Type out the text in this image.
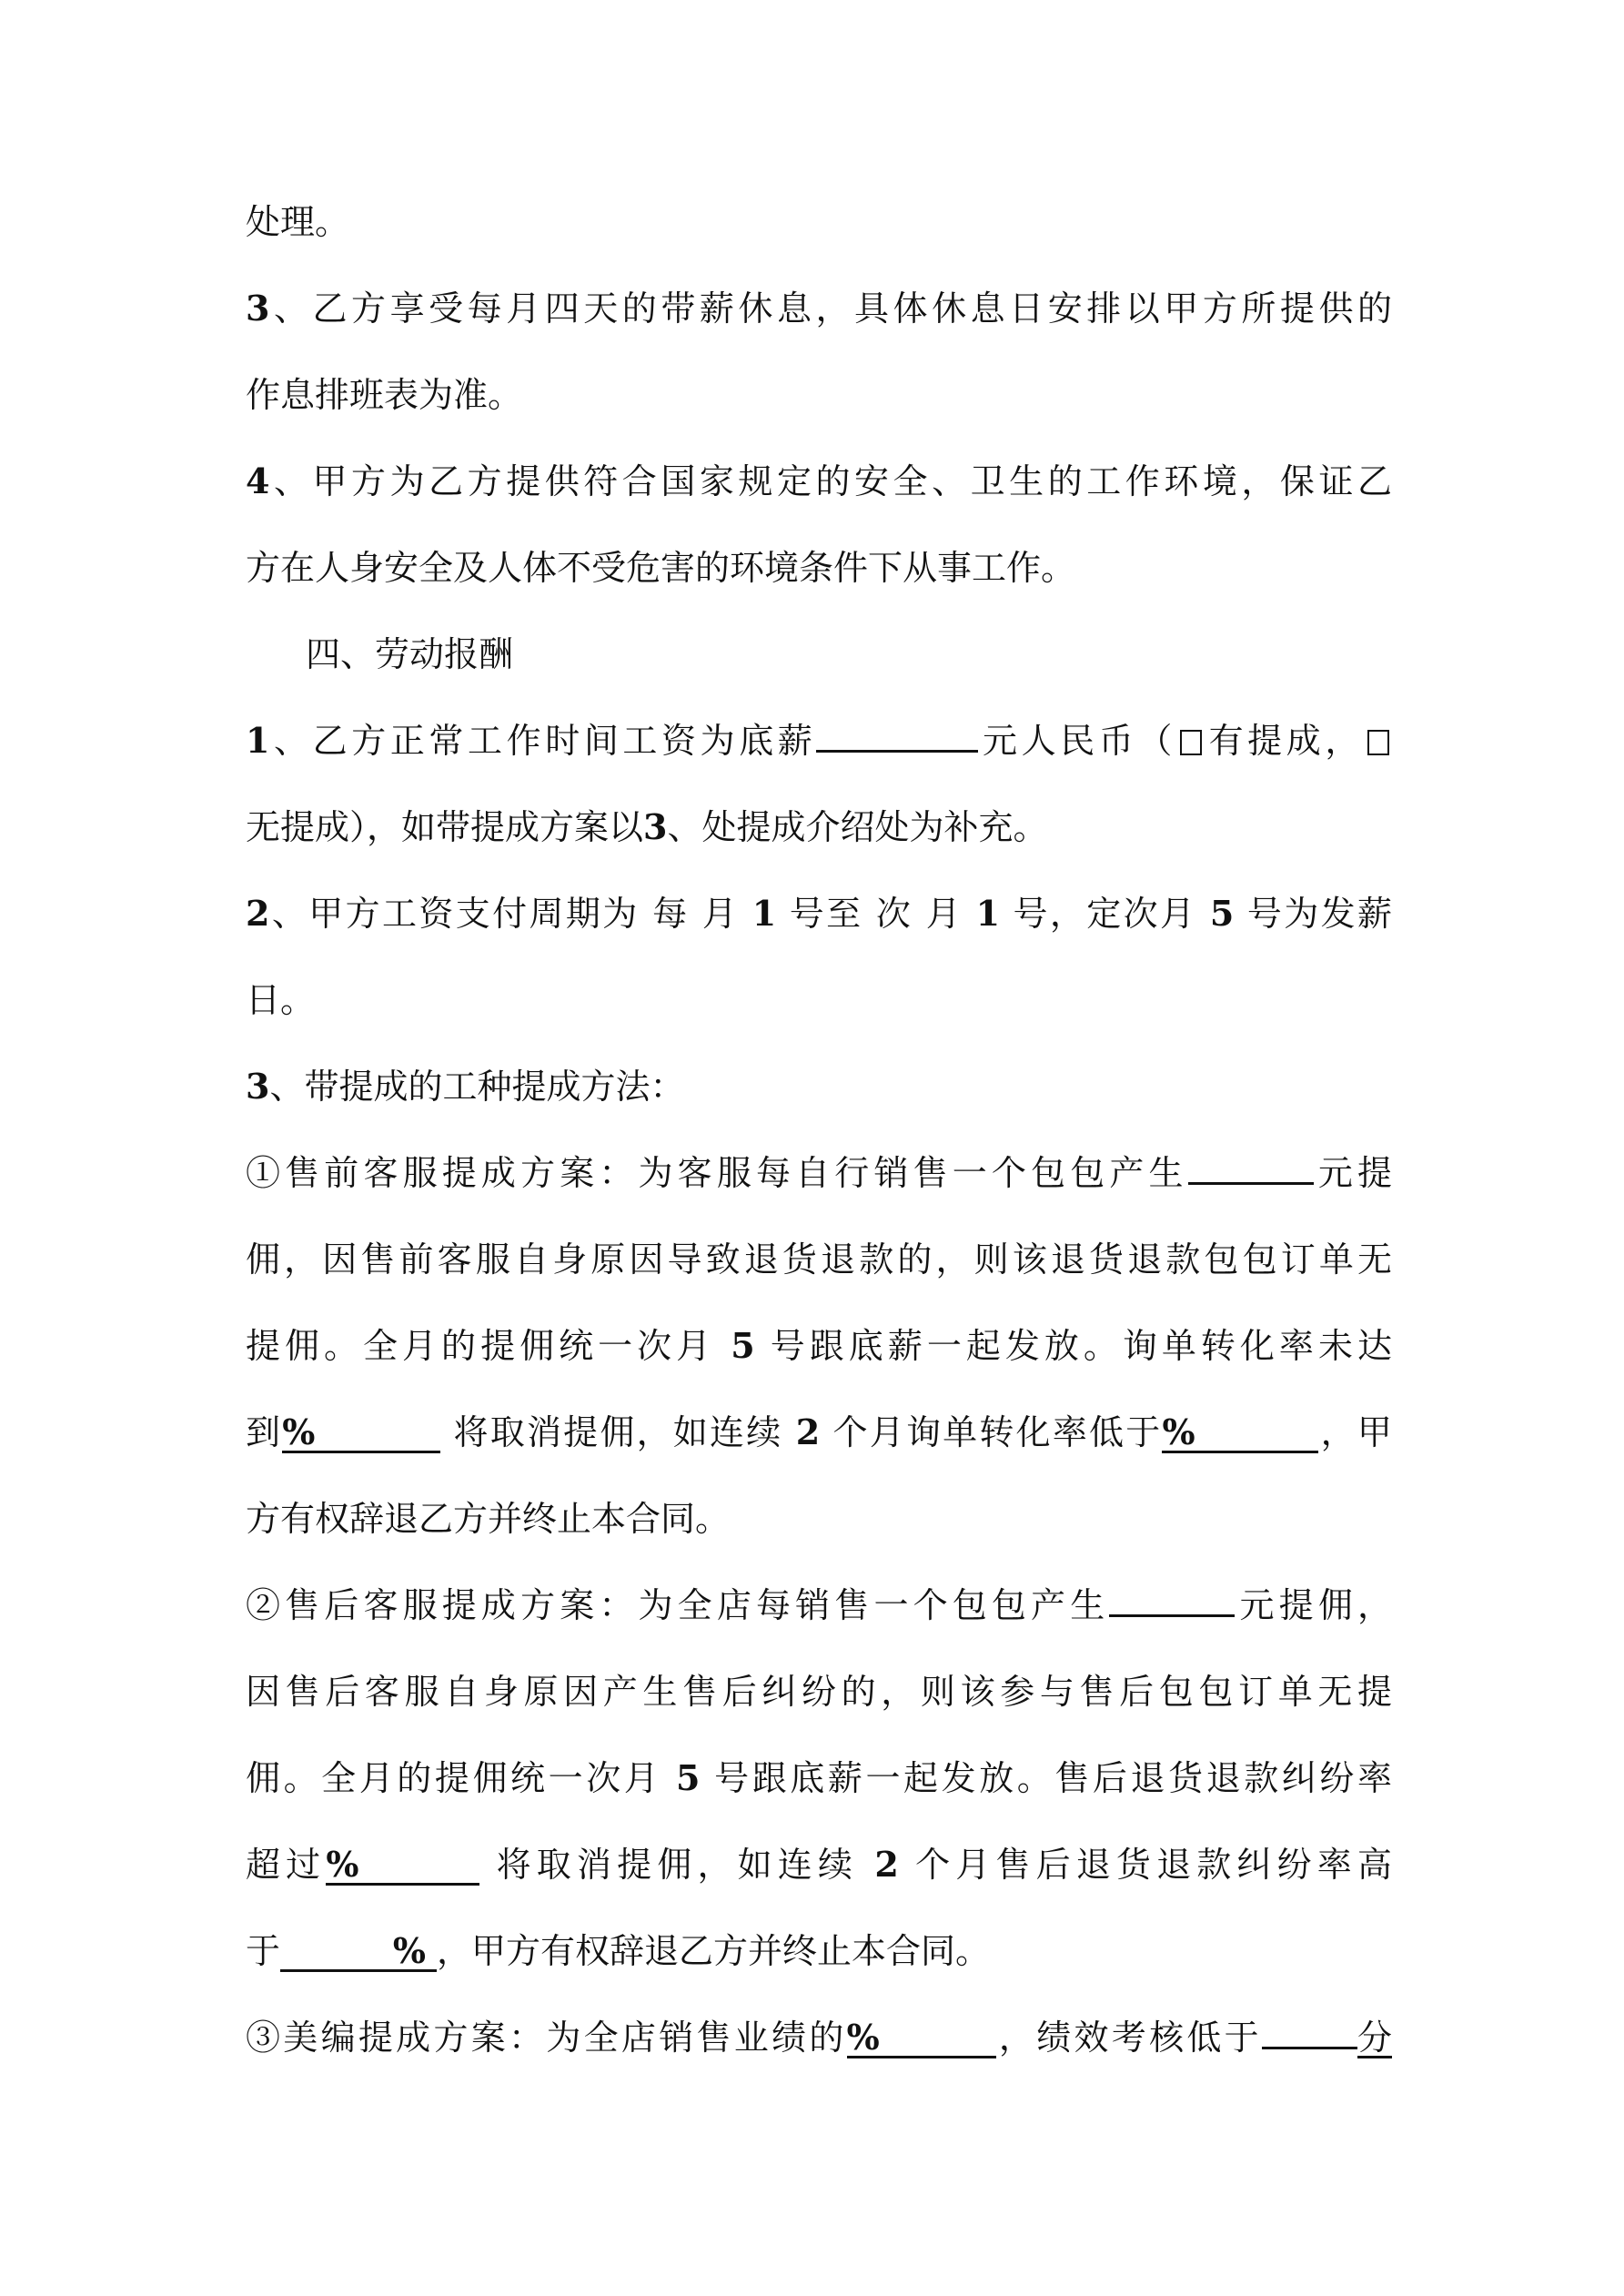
处理。
3、乙方享受每月四天的带薪休息，具体休息日安排以甲方所提供的
作息排班表为准。
4、甲方为乙方提供符合国家规定的安全、卫生的工作环境，保证乙
方在人身安全及人体不受危害的环境条件下从事工作。
四、劳动报酬
1、乙方正常工作时间工资为底薪	元人民币（ 有提成，
无提成），如带提成方案以3、处提成介绍处为补充。
2、甲方工资支付周期为 每 月 1 号至 次 月 1 号，定次月 5 号为发薪
日。
3、带提成的工种提成方法：
①售前客服提成方案：为客服每自行销售一个包包产生	元提
佣，因售前客服自身原因导致退货退款的，则该退货退款包包订单无
提佣。全月的提佣统一次月 5 号跟底薪一起发放。询单转化率未达
到%	将取消提佣，如连续 2 个月询单转化率低于%	，甲
方有权辞退乙方并终止本合同。
②售后客服提成方案：为全店每销售一个包包产生	元提佣，
因售后客服自身原因产生售后纠纷的，则该参与售后包包订单无提
佣。全月的提佣统一次月 5 号跟底薪一起发放。售后退货退款纠纷率
超过%	将取消提佣，如连续 2 个月售后退货退款纠纷率高
于	% ，甲方有权辞退乙方并终止本合同。
③美编提成方案：为全店销售业绩的%	，绩效考核低于	分
